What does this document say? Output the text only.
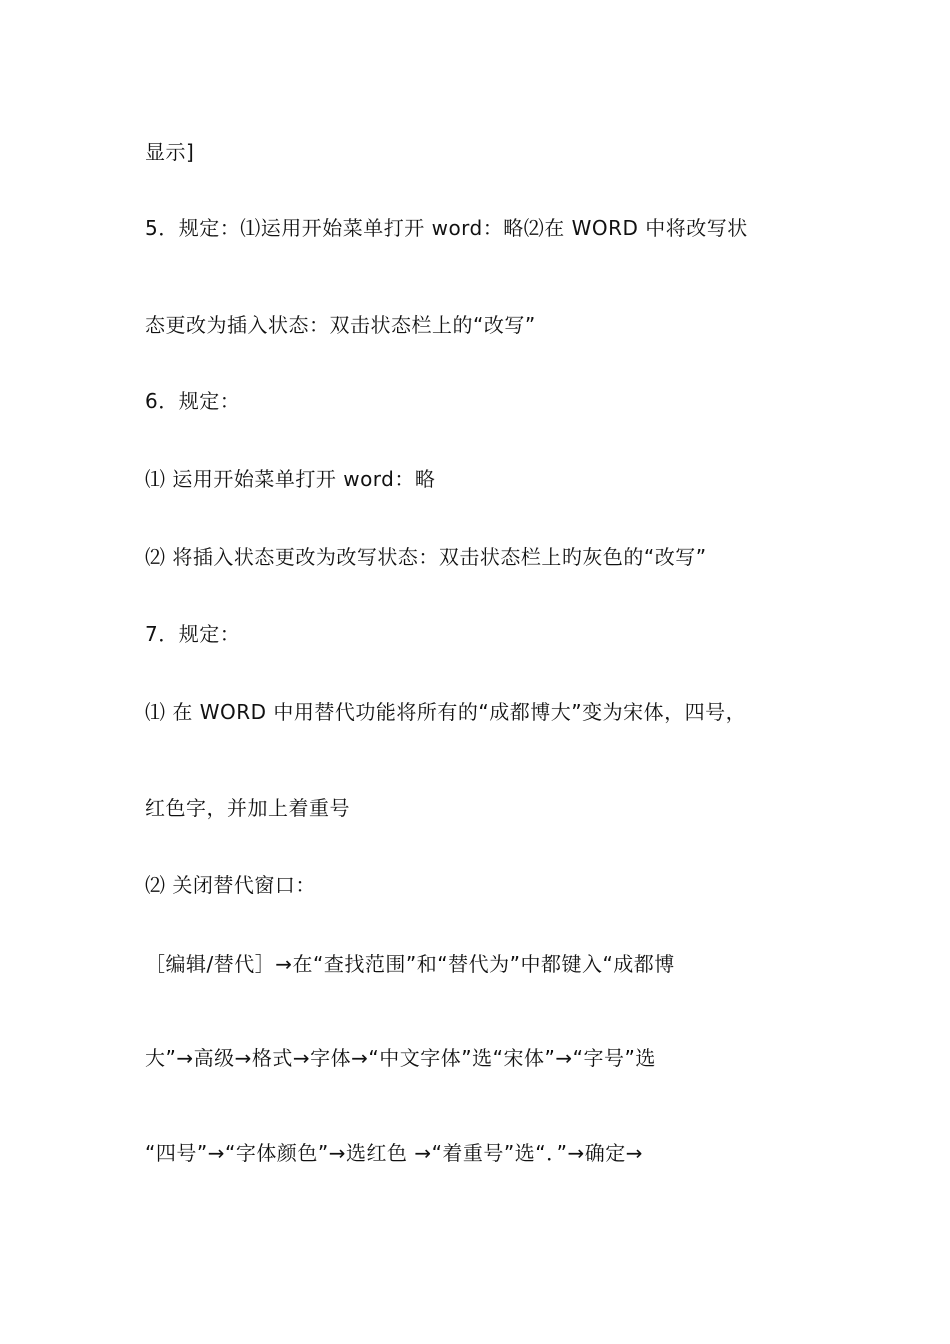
显示]
5．规定：⑴运用开始菜单打开 word：略⑵在 WORD 中将改写状
态更改为插入状态：双击状态栏上的“改写”
6．规定：
⑴ 运用开始菜单打开 word：略
⑵ 将插入状态更改为改写状态：双击状态栏上旳灰色的“改写”
7．规定：
⑴ 在 WORD 中用替代功能将所有的“成都博大”变为宋体，四号，
红色字，并加上着重号
⑵ 关闭替代窗口：
［编辑/替代］→在“查找范围”和“替代为”中都键入“成都博
大”→高级→格式→字体→“中文字体”选“宋体”→“字号”选
“四号”→“字体颜色”→选红色 →“着重号”选“．”→确定→
